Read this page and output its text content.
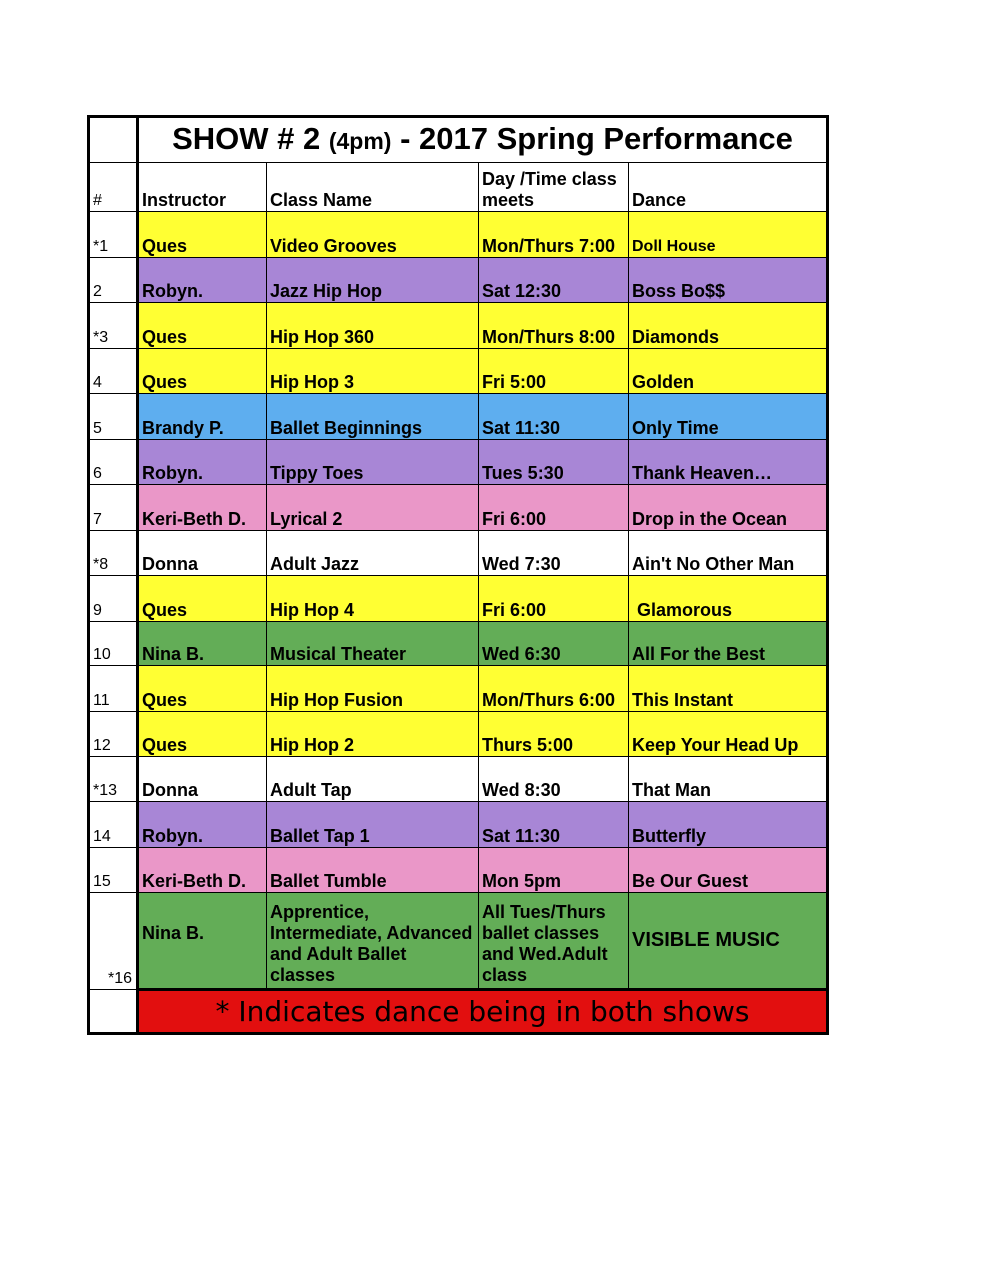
	SHOW # 2 (4pm) - 2017 Spring Performance			
#	Instructor	Class Name	Day /Time class meets	Dance
*1	Ques	Video Grooves	Mon/Thurs 7:00	Doll House
2	Robyn.	Jazz Hip Hop	Sat 12:30	Boss Bo$$
*3	Ques	Hip Hop 360	Mon/Thurs 8:00	Diamonds
4	Ques	Hip Hop 3	Fri 5:00	Golden
5	Brandy P.	Ballet Beginnings	Sat 11:30	Only Time
6	Robyn.	Tippy Toes	Tues 5:30	Thank Heaven…
7	Keri-Beth D.	Lyrical 2	Fri 6:00	Drop in the Ocean
*8	Donna	Adult Jazz	Wed 7:30	Ain't No Other Man
9	Ques	Hip Hop 4	Fri 6:00	Glamorous
10	Nina B.	Musical Theater	Wed 6:30	All For the Best
11	Ques	Hip Hop Fusion	Mon/Thurs 6:00	This Instant
12	Ques	Hip Hop 2	Thurs 5:00	Keep Your Head Up
*13	Donna	Adult Tap	Wed 8:30	That Man
14	Robyn.	Ballet Tap 1	Sat 11:30	Butterfly
15	Keri-Beth D.	Ballet Tumble	Mon 5pm	Be Our Guest
*16	Nina B.	Apprentice, Intermediate, Advanced and Adult Ballet classes	All Tues/Thurs ballet classes and Wed.Adult class	VISIBLE MUSIC
	* Indicates dance being in both shows			
